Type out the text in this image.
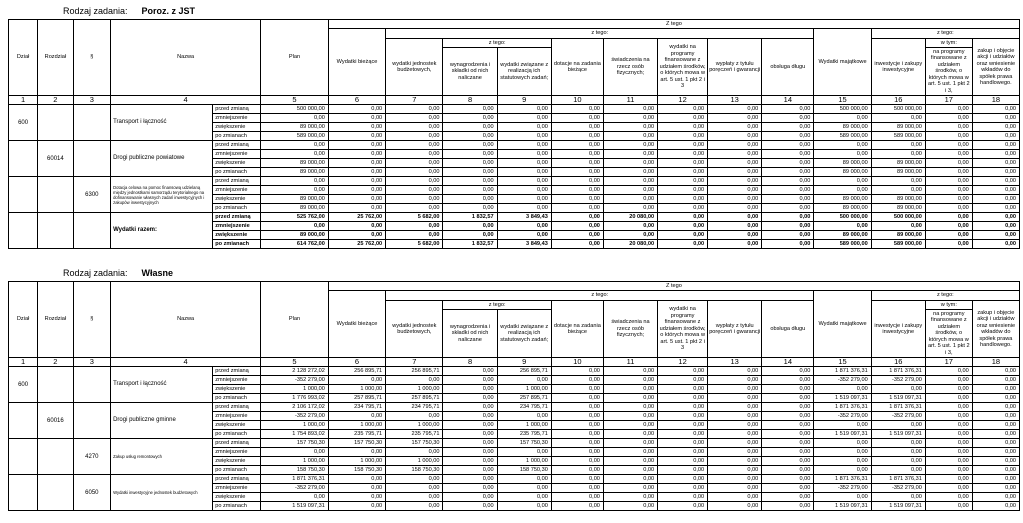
Rodzaj zadania: Poroz. z JST
Dział	Rozdział	§	Nazwa		Plan	Z tego												
						Wydatki bieżące	z tego:								Wydatki majątkowe	z tego:		
							wydatki jednostek budżetowych,	z tego:		dotacje na zadania bieżące	świadczenia na rzecz osób fizycznych;	wydatki na programy finansowane z udziałem środków, o których mowa w art. 5 ust. 1 pkt 2 i 3	wypłaty z tytułu poręczeń i gwarancji	obsługa długu		inwestycje i zakupy inwestycyjne	w tym:	zakup i objęcie akcji i udziałów oraz wniesienie wkładów do spółek prawa handlowego.
								wynagrodzenia i składki od nich naliczane	wydatki związane z realizacją ich statutowych zadań;								na programy finansowane z udziałem środków, o których mowa w art. 5 ust. 1 pkt 2 i 3,	
1	2	3	4		5	6	7	8	9	10	11	12	13	14	15	16	17	18
600			Transport i łączność	przed zmianą	500 000,00	0,00	0,00	0,00	0,00	0,00	0,00	0,00	0,00	0,00	500 000,00	500 000,00	0,00	0,00
				zmniejszenie	0,00	0,00	0,00	0,00	0,00	0,00	0,00	0,00	0,00	0,00	0,00	0,00	0,00	0,00
				zwiększenie	89 000,00	0,00	0,00	0,00	0,00	0,00	0,00	0,00	0,00	0,00	89 000,00	89 000,00	0,00	0,00
				po zmianach	589 000,00	0,00	0,00	0,00	0,00	0,00	0,00	0,00	0,00	0,00	589 000,00	589 000,00	0,00	0,00
	60014		Drogi publiczne powiatowe	przed zmianą	0,00	0,00	0,00	0,00	0,00	0,00	0,00	0,00	0,00	0,00	0,00	0,00	0,00	0,00
				zmniejszenie	0,00	0,00	0,00	0,00	0,00	0,00	0,00	0,00	0,00	0,00	0,00	0,00	0,00	0,00
				zwiększenie	89 000,00	0,00	0,00	0,00	0,00	0,00	0,00	0,00	0,00	0,00	89 000,00	89 000,00	0,00	0,00
				po zmianach	89 000,00	0,00	0,00	0,00	0,00	0,00	0,00	0,00	0,00	0,00	89 000,00	89 000,00	0,00	0,00
		6300	Dotacja celowa na pomoc finansową udzielaną między jednostkami samorządu terytorialnego na dofinansowanie własnych zadań inwestycyjnych i zakupów inwestycyjnych	przed zmianą	0,00	0,00	0,00	0,00	0,00	0,00	0,00	0,00	0,00	0,00	0,00	0,00	0,00	0,00
				zmniejszenie	0,00	0,00	0,00	0,00	0,00	0,00	0,00	0,00	0,00	0,00	0,00	0,00	0,00	0,00
				zwiększenie	89 000,00	0,00	0,00	0,00	0,00	0,00	0,00	0,00	0,00	0,00	89 000,00	89 000,00	0,00	0,00
				po zmianach	89 000,00	0,00	0,00	0,00	0,00	0,00	0,00	0,00	0,00	0,00	89 000,00	89 000,00	0,00	0,00
			Wydatki razem:	przed zmianą	525 762,00	25 762,00	5 682,00	1 832,57	3 849,43	0,00	20 080,00	0,00	0,00	0,00	500 000,00	500 000,00	0,00	0,00
				zmniejszenie	0,00	0,00	0,00	0,00	0,00	0,00	0,00	0,00	0,00	0,00	0,00	0,00	0,00	0,00
				zwiększenie	89 000,00	0,00	0,00	0,00	0,00	0,00	0,00	0,00	0,00	0,00	89 000,00	89 000,00	0,00	0,00
				po zmianach	614 762,00	25 762,00	5 682,00	1 832,57	3 849,43	0,00	20 080,00	0,00	0,00	0,00	589 000,00	589 000,00	0,00	0,00
Rodzaj zadania: Własne
Dział	Rozdział	§	Nazwa		Plan	Z tego												
						Wydatki bieżące	z tego:								Wydatki majątkowe	z tego:		
							wydatki jednostek budżetowych,	z tego:		dotacje na zadania bieżące	świadczenia na rzecz osób fizycznych;	wydatki na programy finansowane z udziałem środków, o których mowa w art. 5 ust. 1 pkt 2 i 3	wypłaty z tytułu poręczeń i gwarancji	obsługa długu		inwestycje i zakupy inwestycyjne	w tym:	zakup i objęcie akcji i udziałów oraz wniesienie wkładów do spółek prawa handlowego.
								wynagrodzenia i składki od nich naliczane	wydatki związane z realizacją ich statutowych zadań;								na programy finansowane z udziałem środków, o których mowa w art. 5 ust. 1 pkt 2 i 3,	
1	2	3	4		5	6	7	8	9	10	11	12	13	14	15	16	17	18
600			Transport i łączność	przed zmianą	2 128 272,02	256 895,71	256 895,71	0,00	256 895,71	0,00	0,00	0,00	0,00	0,00	1 871 376,31	1 871 376,31	0,00	0,00
				zmniejszenie	-352 279,00	0,00	0,00	0,00	0,00	0,00	0,00	0,00	0,00	0,00	-352 279,00	-352 279,00	0,00	0,00
				zwiększenie	1 000,00	1 000,00	1 000,00	0,00	1 000,00	0,00	0,00	0,00	0,00	0,00	0,00	0,00	0,00	0,00
				po zmianach	1 776 993,02	257 895,71	257 895,71	0,00	257 895,71	0,00	0,00	0,00	0,00	0,00	1 519 097,31	1 519 097,31	0,00	0,00
	60016		Drogi publiczne gminne	przed zmianą	2 106 172,02	234 795,71	234 795,71	0,00	234 795,71	0,00	0,00	0,00	0,00	0,00	1 871 376,31	1 871 376,31	0,00	0,00
				zmniejszenie	-352 279,00	0,00	0,00	0,00	0,00	0,00	0,00	0,00	0,00	0,00	-352 279,00	-352 279,00	0,00	0,00
				zwiększenie	1 000,00	1 000,00	1 000,00	0,00	1 000,00	0,00	0,00	0,00	0,00	0,00	0,00	0,00	0,00	0,00
				po zmianach	1 754 893,02	235 795,71	235 795,71	0,00	235 795,71	0,00	0,00	0,00	0,00	0,00	1 519 097,31	1 519 097,31	0,00	0,00
		4270	Zakup usług remontowych	przed zmianą	157 750,30	157 750,30	157 750,30	0,00	157 750,30	0,00	0,00	0,00	0,00	0,00	0,00	0,00	0,00	0,00
				zmniejszenie	0,00	0,00	0,00	0,00	0,00	0,00	0,00	0,00	0,00	0,00	0,00	0,00	0,00	0,00
				zwiększenie	1 000,00	1 000,00	1 000,00	0,00	1 000,00	0,00	0,00	0,00	0,00	0,00	0,00	0,00	0,00	0,00
				po zmianach	158 750,30	158 750,30	158 750,30	0,00	158 750,30	0,00	0,00	0,00	0,00	0,00	0,00	0,00	0,00	0,00
		6050	Wydatki inwestycyjne jednostek budżetowych	przed zmianą	1 871 376,31	0,00	0,00	0,00	0,00	0,00	0,00	0,00	0,00	0,00	1 871 376,31	1 871 376,31	0,00	0,00
				zmniejszenie	-352 279,00	0,00	0,00	0,00	0,00	0,00	0,00	0,00	0,00	0,00	-352 279,00	-352 279,00	0,00	0,00
				zwiększenie	0,00	0,00	0,00	0,00	0,00	0,00	0,00	0,00	0,00	0,00	0,00	0,00	0,00	0,00
				po zmianach	1 519 097,31	0,00	0,00	0,00	0,00	0,00	0,00	0,00	0,00	0,00	1 519 097,31	1 519 097,31	0,00	0,00
